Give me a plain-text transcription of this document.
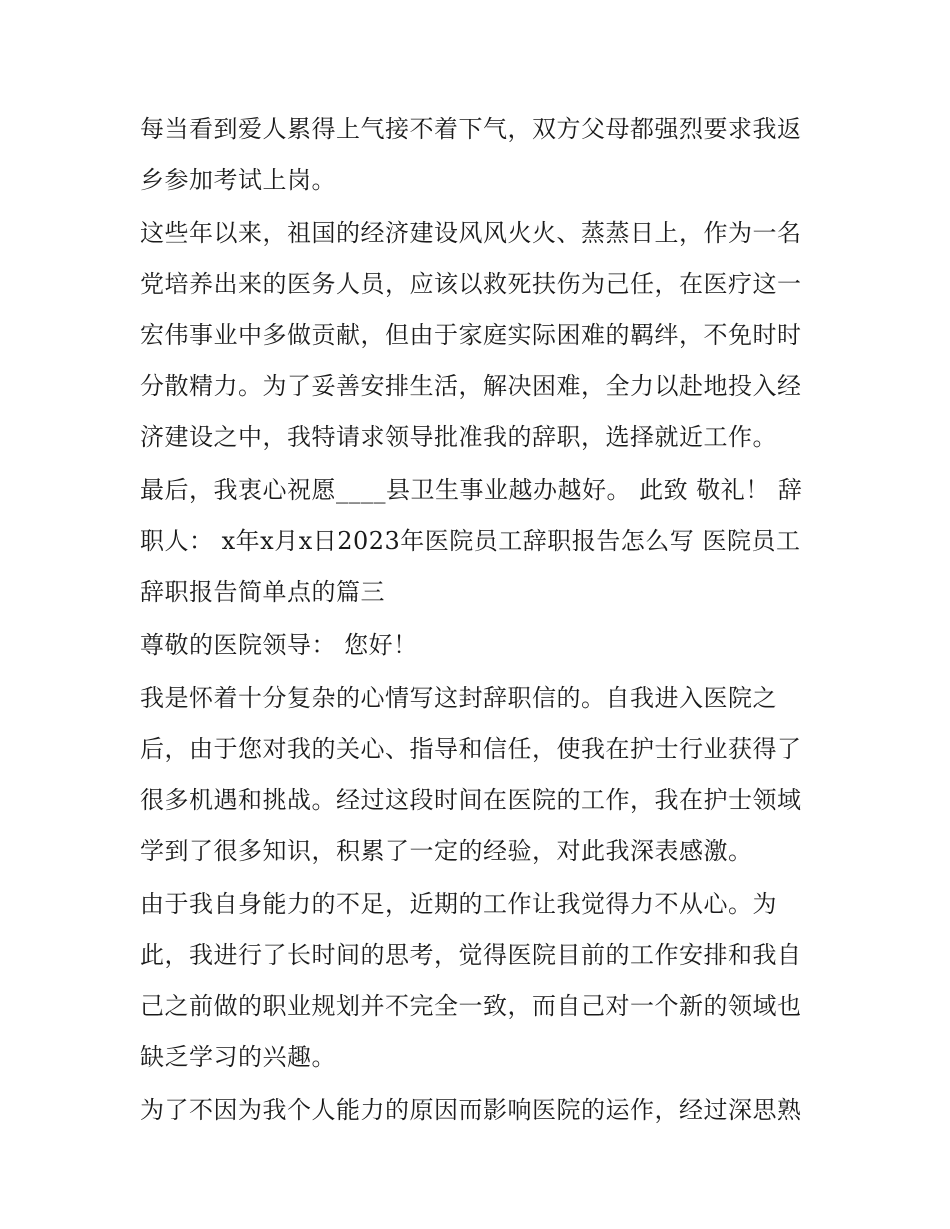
每当看到爱人累得上气接不着下气，双方父母都强烈要求我返乡参加考试上岗。

这些年以来，祖国的经济建设风风火火、蒸蒸日上，作为一名党培养出来的医务人员，应该以救死扶伤为己任，在医疗这一宏伟事业中多做贡献，但由于家庭实际困难的羁绊，不免时时分散精力。为了妥善安排生活，解决困难，全力以赴地投入经济建设之中，我特请求领导批准我的辞职，选择就近工作。

最后，我衷心祝愿____县卫生事业越办越好。 此致 敬礼！ 辞职人： x年x月x日2023年医院员工辞职报告怎么写 医院员工辞职报告简单点的篇三

尊敬的医院领导： 您好！

我是怀着十分复杂的心情写这封辞职信的。自我进入医院之后，由于您对我的关心、指导和信任，使我在护士行业获得了很多机遇和挑战。经过这段时间在医院的工作，我在护士领域学到了很多知识，积累了一定的经验，对此我深表感激。

由于我自身能力的不足，近期的工作让我觉得力不从心。为此，我进行了长时间的思考，觉得医院目前的工作安排和我自己之前做的职业规划并不完全一致，而自己对一个新的领域也缺乏学习的兴趣。

为了不因为我个人能力的原因而影响医院的运作，经过深思熟
